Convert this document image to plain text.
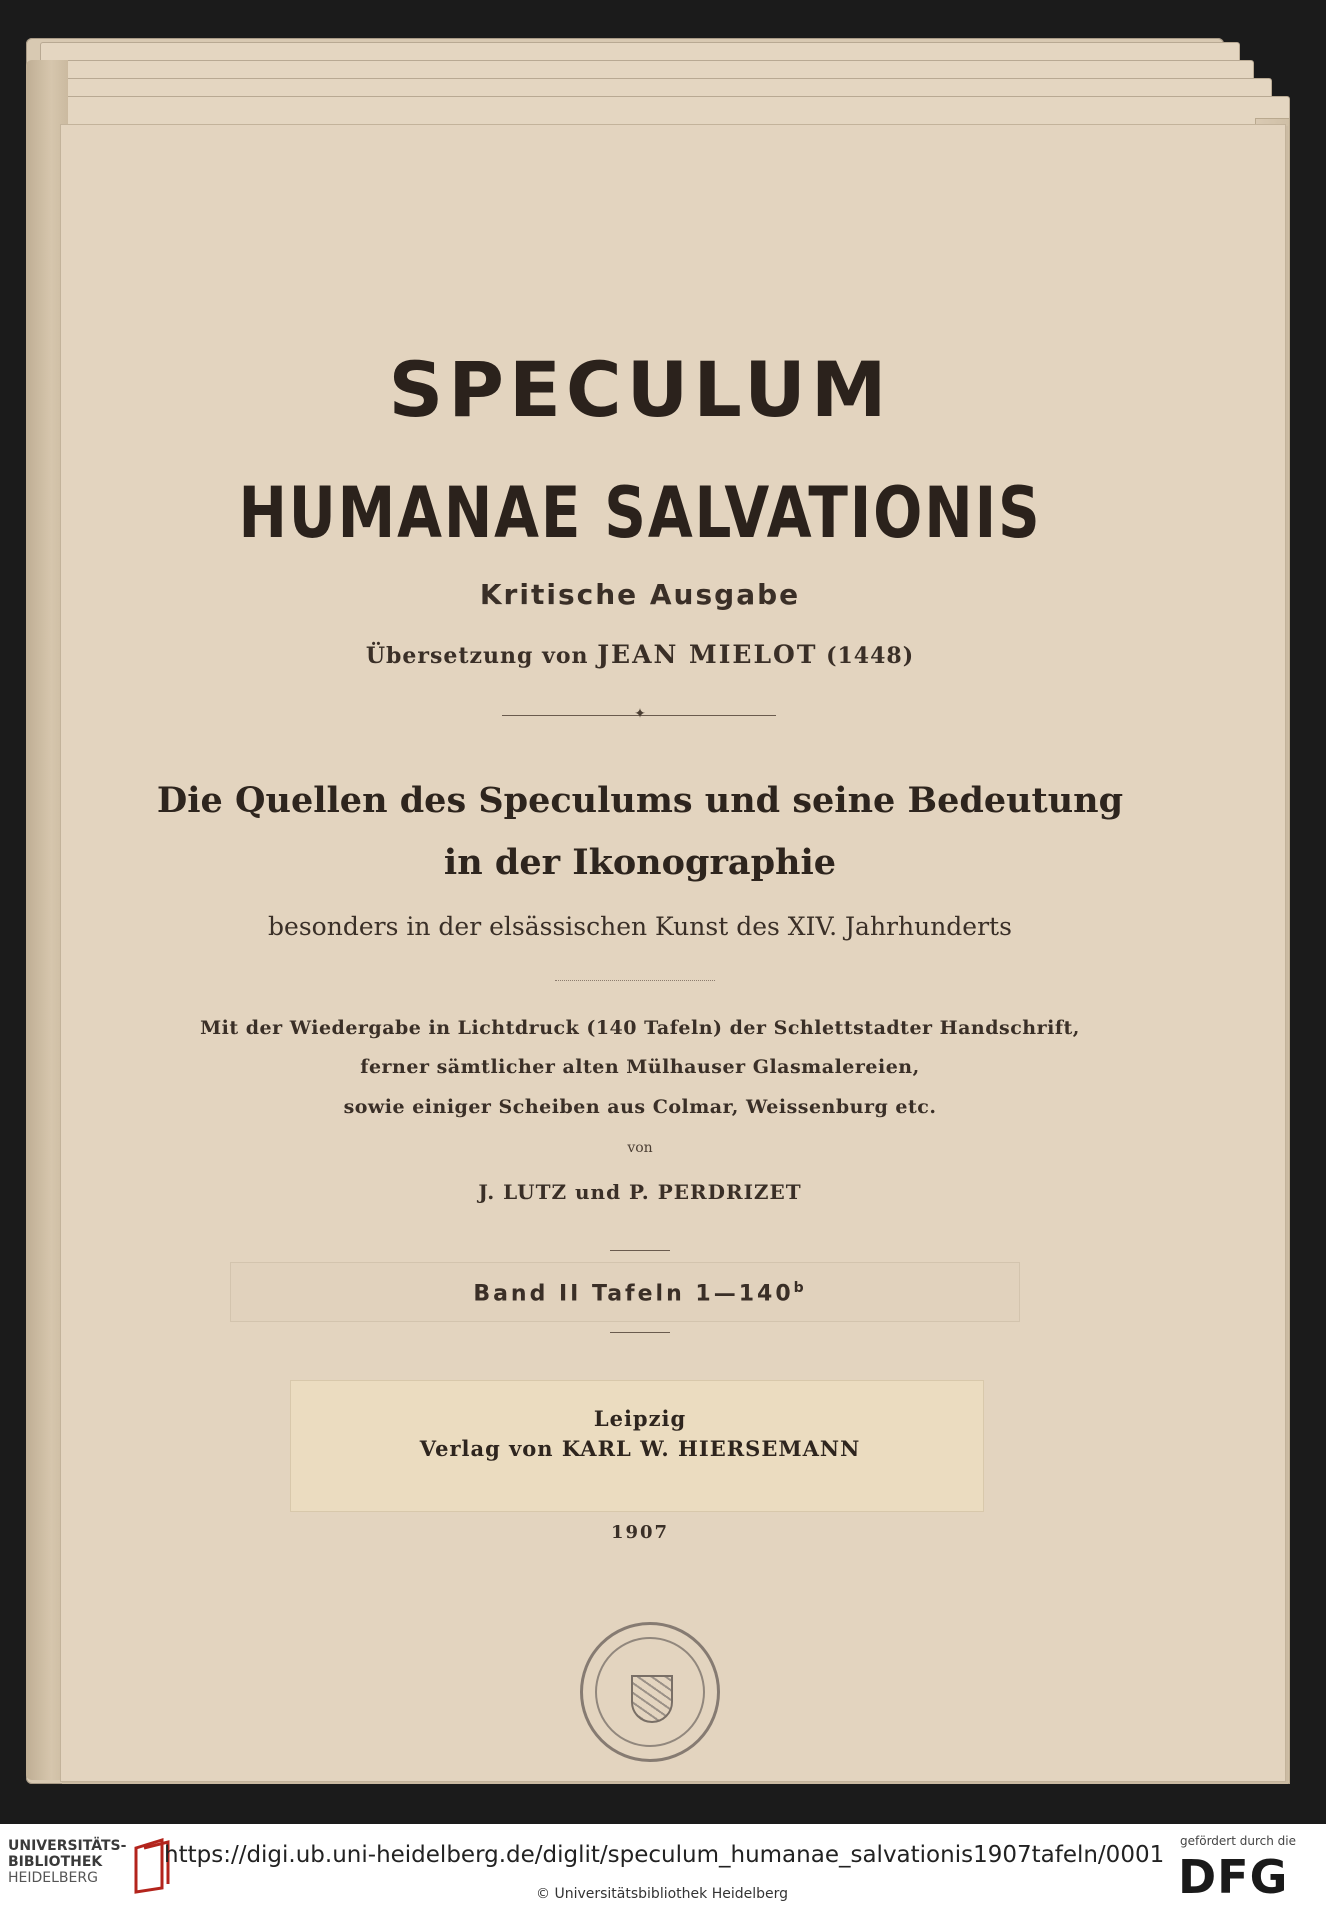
SPECULUM
HUMANAE SALVATIONIS
Kritische Ausgabe
Übersetzung von JEAN MIELOT (1448)
✦
Die Quellen des Speculums und seine Bedeutung
in der Ikonographie
besonders in der elsässischen Kunst des XIV. Jahrhunderts
Mit der Wiedergabe in Lichtdruck (140 Tafeln) der Schlettstadter Handschrift,
ferner sämtlicher alten Mülhauser Glasmalereien,
sowie einiger Scheiben aus Colmar, Weissenburg etc.
von
J. LUTZ und P. PERDRIZET
Band II Tafeln 1—140$^b$
Leipzig
Verlag von KARL W. HIERSEMANN
1907
UNIVERSITÄTS-
BIBLIOTHEK
HEIDELBERG
https://digi.ub.uni-heidelberg.de/diglit/speculum_humanae_salvationis1907tafeln/0001
© Universitätsbibliothek Heidelberg
gefördert durch die
DFG
